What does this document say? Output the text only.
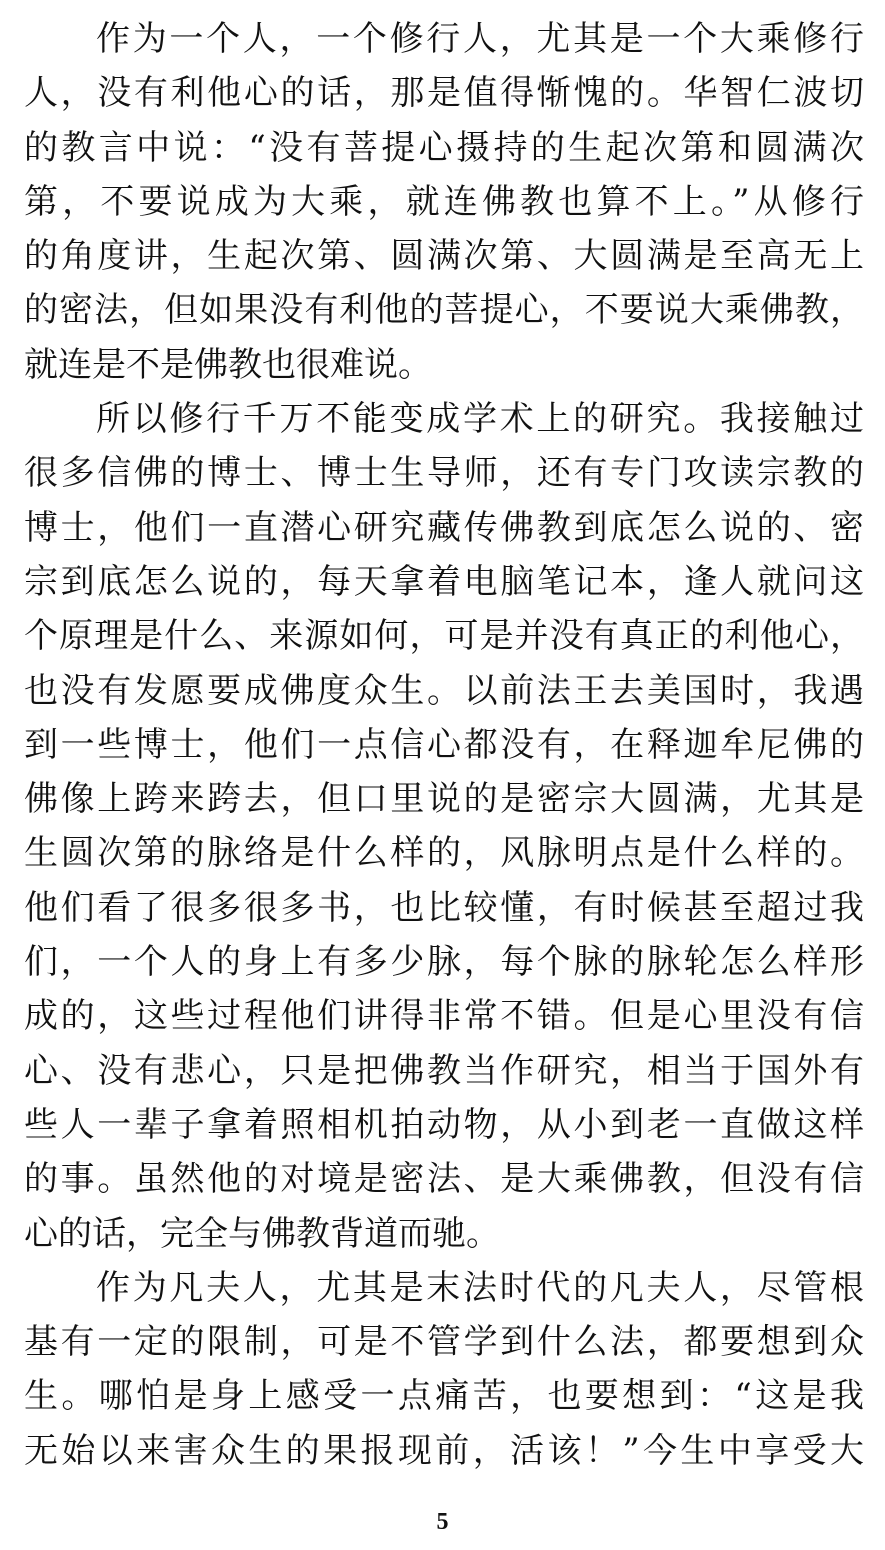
作为一个人，一个修行人，尤其是一个大乘修行
人，没有利他心的话，那是值得惭愧的。华智仁波切
的教言中说：“没有菩提心摄持的生起次第和圆满次
第，不要说成为大乘，就连佛教也算不上。”从修行
的角度讲，生起次第、圆满次第、大圆满是至高无上
的密法，但如果没有利他的菩提心，不要说大乘佛教，
就连是不是佛教也很难说。
所以修行千万不能变成学术上的研究。我接触过
很多信佛的博士、博士生导师，还有专门攻读宗教的
博士，他们一直潜心研究藏传佛教到底怎么说的、密
宗到底怎么说的，每天拿着电脑笔记本，逢人就问这
个原理是什么、来源如何，可是并没有真正的利他心，
也没有发愿要成佛度众生。以前法王去美国时，我遇
到一些博士，他们一点信心都没有，在释迦牟尼佛的
佛像上跨来跨去，但口里说的是密宗大圆满，尤其是
生圆次第的脉络是什么样的，风脉明点是什么样的。
他们看了很多很多书，也比较懂，有时候甚至超过我
们，一个人的身上有多少脉，每个脉的脉轮怎么样形
成的，这些过程他们讲得非常不错。但是心里没有信
心、没有悲心，只是把佛教当作研究，相当于国外有
些人一辈子拿着照相机拍动物，从小到老一直做这样
的事。虽然他的对境是密法、是大乘佛教，但没有信
心的话，完全与佛教背道而驰。
作为凡夫人，尤其是末法时代的凡夫人，尽管根
基有一定的限制，可是不管学到什么法，都要想到众
生。哪怕是身上感受一点痛苦，也要想到：“这是我
无始以来害众生的果报现前，活该！”今生中享受大
5
